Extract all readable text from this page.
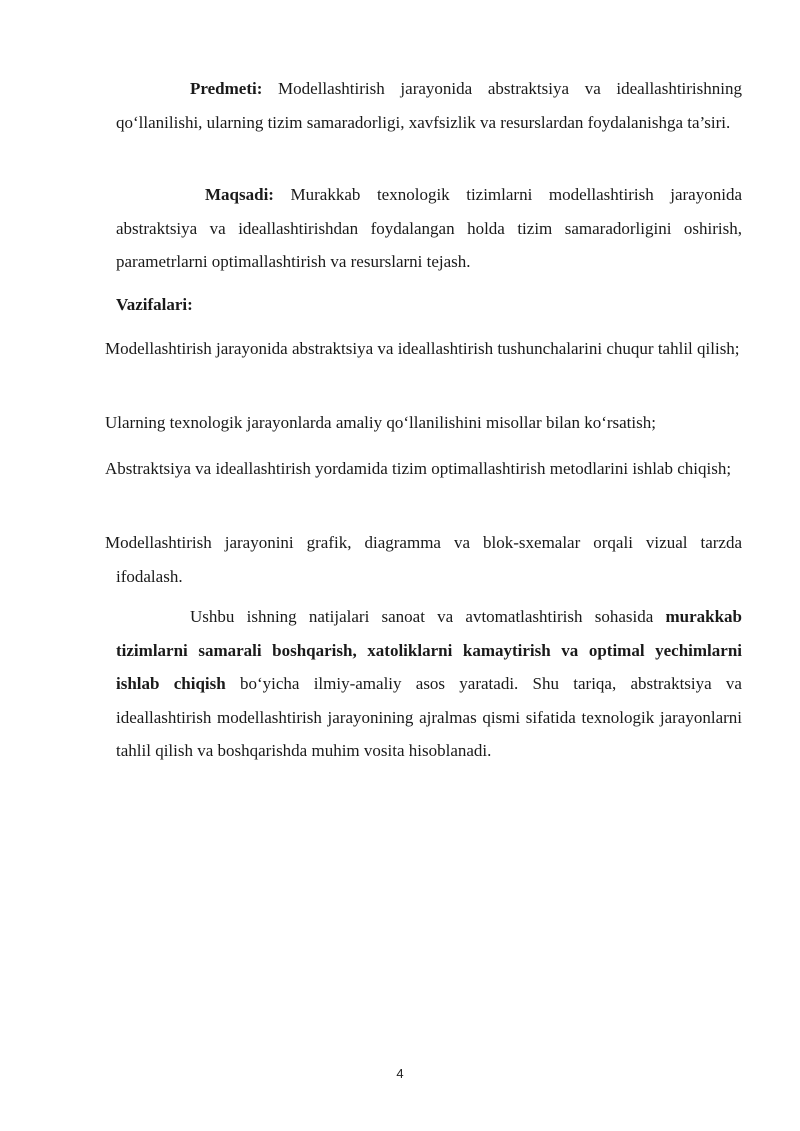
Predmeti: Modellashtirish jarayonida abstraktsiya va ideallashtirishning qo‘llanilishi, ularning tizim samaradorligi, xavfsizlik va resurslardan foydalanishga ta’siri.

Maqsadi: Murakkab texnologik tizimlarni modellashtirish jarayonida abstraktsiya va ideallashtirishdan foydalangan holda tizim samaradorligini oshirish, parametrlarni optimallashtirish va resurslarni tejash.

Vazifalari:

Modellashtirish jarayonida abstraktsiya va ideallashtirish tushunchalarini chuqur tahlil qilish;

Ularning texnologik jarayonlarda amaliy qo‘llanilishini misollar bilan ko‘rsatish;

Abstraktsiya va ideallashtirish yordamida tizim optimallashtirish metodlarini ishlab chiqish;

Modellashtirish jarayonini grafik, diagramma va blok-sxemalar orqali vizual tarzda ifodalash.

Ushbu ishning natijalari sanoat va avtomatlashtirish sohasida murakkab tizimlarni samarali boshqarish, xatoliklarni kamaytirish va optimal yechimlarni ishlab chiqish bo‘yicha ilmiy-amaliy asos yaratadi. Shu tariqa, abstraktsiya va ideallashtirish modellashtirish jarayonining ajralmas qismi sifatida texnologik jarayonlarni tahlil qilish va boshqarishda muhim vosita hisoblanadi.

4
